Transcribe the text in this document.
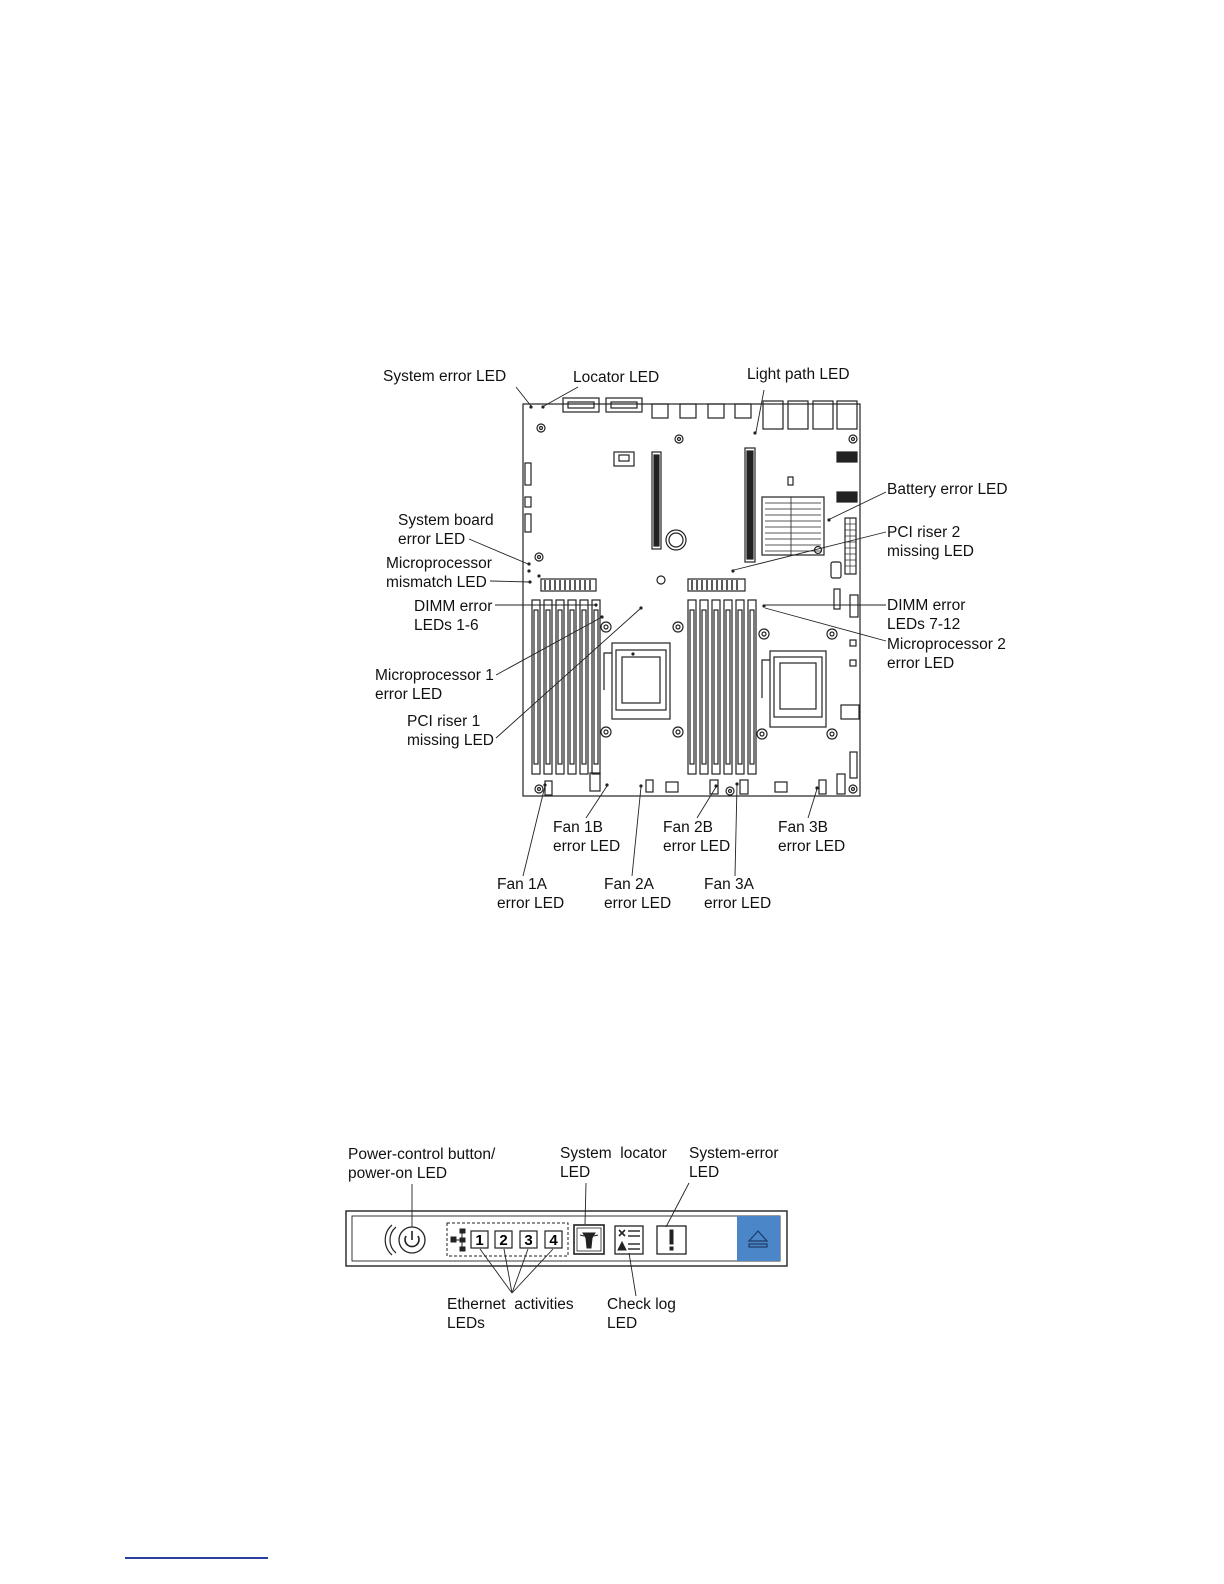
System error LED	Locator LED	Light path LED
Battery error LED
PCI riser 2
missing LED
System board
error LED
Microprocessor
mismatch LED
DIMM error
LEDs 1-6
DIMM error
LEDs 7-12
Microprocessor 2
error LED
Microprocessor 1
error LED
PCI riser 1
missing LED
Fan 1B
error LED
Fan 2B
error LED
Fan 3B
error LED
Fan 1A
error LED
Fan 2A
error LED
Fan 3A
error LED
1 2 3 4
Power-control button/
power-on LED
System  locator
LED
System-error
LED
Ethernet  activities
LEDs
Check log
LED
